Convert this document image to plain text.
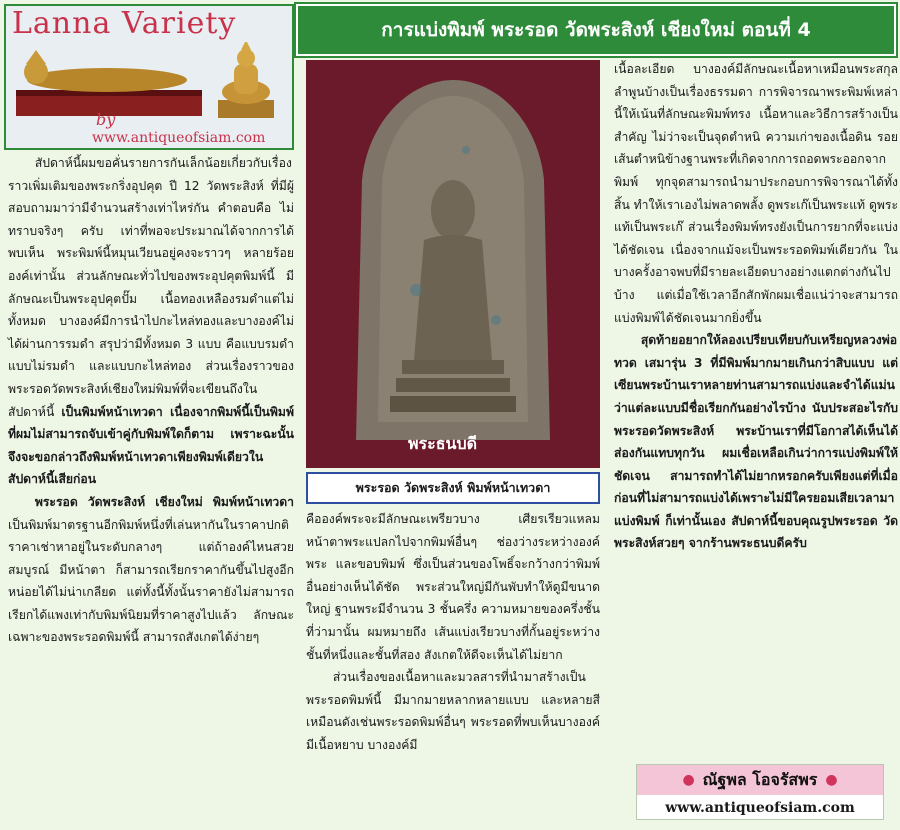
Lanna Variety
by
www.antiqueofsiam.com
การแบ่งพิมพ์ พระรอด วัดพระสิงห์ เชียงใหม่ ตอนที่ 4

สัปดาห์นี้ผมขอคั่นรายการกันเล็กน้อยเกี่ยวกับเรื่องราวเพิ่มเติมของพระกริ่งอุปคุต ปี 12 วัดพระสิงห์ ที่มีผู้สอบถามมาว่ามีจำนวนสร้างเท่าไหร่กัน คำตอบคือ ไม่ทราบจริงๆ ครับ เท่าที่พอจะประมาณได้จากการได้พบเห็น พระพิมพ์นี้หมุนเวียนอยู่คงจะราวๆ หลายร้อยองค์เท่านั้น ส่วนลักษณะทั่วไปของพระอุปคุตพิมพ์นี้ มีลักษณะเป็นพระอุปคุตปั๊ม เนื้อทองเหลืองรมดำแต่ไม่ทั้งหมด บางองค์มีการนำไปกะไหล่ทองและบางองค์ไม่ได้ผ่านการรมดำ สรุปว่ามีทั้งหมด 3 แบบ คือแบบรมดำ แบบไม่รมดำ และแบบกะไหล่ทอง ส่วนเรื่องราวของพระรอดวัดพระสิงห์เชียงใหม่พิมพ์ที่จะเขียนถึงในสัปดาห์นี้ เป็นพิมพ์หน้าเทวดา เนื่องจากพิมพ์นี้เป็นพิมพ์ที่ผมไม่สามารถจับเข้าคู่กับพิมพ์ใดก็ตาม เพราะฉะนั้นจึงจะขอกล่าวถึงพิมพ์หน้าเทวดาเพียงพิมพ์เดียวในสัปดาห์นี้เสียก่อน

พระรอด วัดพระสิงห์ เชียงใหม่ พิมพ์หน้าเทวดา เป็นพิมพ์มาตรฐานอีกพิมพ์หนึ่งที่เล่นหากันในราคาปกติ ราคาเช่าหาอยู่ในระดับกลางๆ แต่ถ้าองค์ไหนสวยสมบูรณ์ มีหน้าตา ก็สามารถเรียกราคากันขึ้นไปสูงอีกหน่อยได้ไม่น่าเกลียด แต่ทั้งนี้ทั้งนั้นราคายังไม่สามารถเรียกได้แพงเท่ากับพิมพ์นิยมที่ราคาสูงไปแล้ว ลักษณะเฉพาะของพระรอดพิมพ์นี้ สามารถสังเกตได้ง่ายๆ

พระธนบดี
พระรอด วัดพระสิงห์ พิมพ์หน้าเทวดา

คือองค์พระจะมีลักษณะเพรียวบาง เศียรเรียวแหลม หน้าตาพระแปลกไปจากพิมพ์อื่นๆ ช่องว่างระหว่างองค์พระ และขอบพิมพ์ ซึ่งเป็นส่วนของโพธิ์จะกว้างกว่าพิมพ์อื่นอย่างเห็นได้ชัด พระส่วนใหญ่มีกันพับทำให้ดูมีขนาดใหญ่ ฐานพระมีจำนวน 3 ชั้นครึ่ง ความหมายของครึ่งชั้นที่ว่ามานั้น ผมหมายถึง เส้นแบ่งเรียวบางที่กั้นอยู่ระหว่างชั้นที่หนึ่งและชั้นที่สอง สังเกตให้ดีจะเห็นได้ไม่ยาก

ส่วนเรื่องของเนื้อหาและมวลสารที่นำมาสร้างเป็นพระรอดพิมพ์นี้ มีมากมายหลากหลายแบบ และหลายสี เหมือนดังเช่นพระรอดพิมพ์อื่นๆ พระรอดที่พบเห็นบางองค์มีเนื้อหยาบ บางองค์มี

เนื้อละเอียด บางองค์มีลักษณะเนื้อหาเหมือนพระสกุลลำพูนบ้างเป็นเรื่องธรรมดา การพิจารณาพระพิมพ์เหล่านี้ให้เน้นที่ลักษณะพิมพ์ทรง เนื้อหาและวิธีการสร้างเป็นสำคัญ ไม่ว่าจะเป็นจุดตำหนิ ความเก่าของเนื้อดิน รอยเส้นตำหนิข้างฐานพระที่เกิดจากการถอดพระออกจากพิมพ์ ทุกจุดสามารถนำมาประกอบการพิจารณาได้ทั้งสิ้น ทำให้เราเองไม่พลาดพลั้ง ดูพระเก๊เป็นพระแท้ ดูพระแท้เป็นพระเก๊ ส่วนเรื่องพิมพ์ทรงยังเป็นการยากที่จะแบ่งได้ชัดเจน เนื่องจากแม้จะเป็นพระรอดพิมพ์เดียวกัน ในบางครั้งอาจพบที่มีรายละเอียดบางอย่างแตกต่างกันไปบ้าง แต่เมื่อใช้เวลาอีกสักพักผมเชื่อแน่ว่าจะสามารถแบ่งพิมพ์ได้ชัดเจนมากยิ่งขึ้น

สุดท้ายอยากให้ลองเปรียบเทียบกับเหรียญหลวงพ่อทวด เสมารุ่น 3 ที่มีพิมพ์มากมายเกินกว่าสิบแบบ แต่เซียนพระบ้านเราหลายท่านสามารถแบ่งและจำได้แม่นว่าแต่ละแบบมีชื่อเรียกกันอย่างไรบ้าง นับประสอะไรกับพระรอดวัดพระสิงห์ พระบ้านเราที่มีโอกาสได้เห็นได้ส่องกันแทบทุกวัน ผมเชื่อเหลือเกินว่าการแบ่งพิมพ์ให้ชัดเจน สามารถทำได้ไม่ยากหรอกครับเพียงแต่ที่เมื่อก่อนที่ไม่สามารถแบ่งได้เพราะไม่มีใครยอมเสียเวลามาแบ่งพิมพ์ ก็เท่านั้นเอง สัปดาห์นี้ขอบคุณรูปพระรอด วัดพระสิงห์สวยๆ จากร้านพระธนบดีครับ

● ณัฐพล โอจรัสพร ●
www.antiqueofsiam.com
